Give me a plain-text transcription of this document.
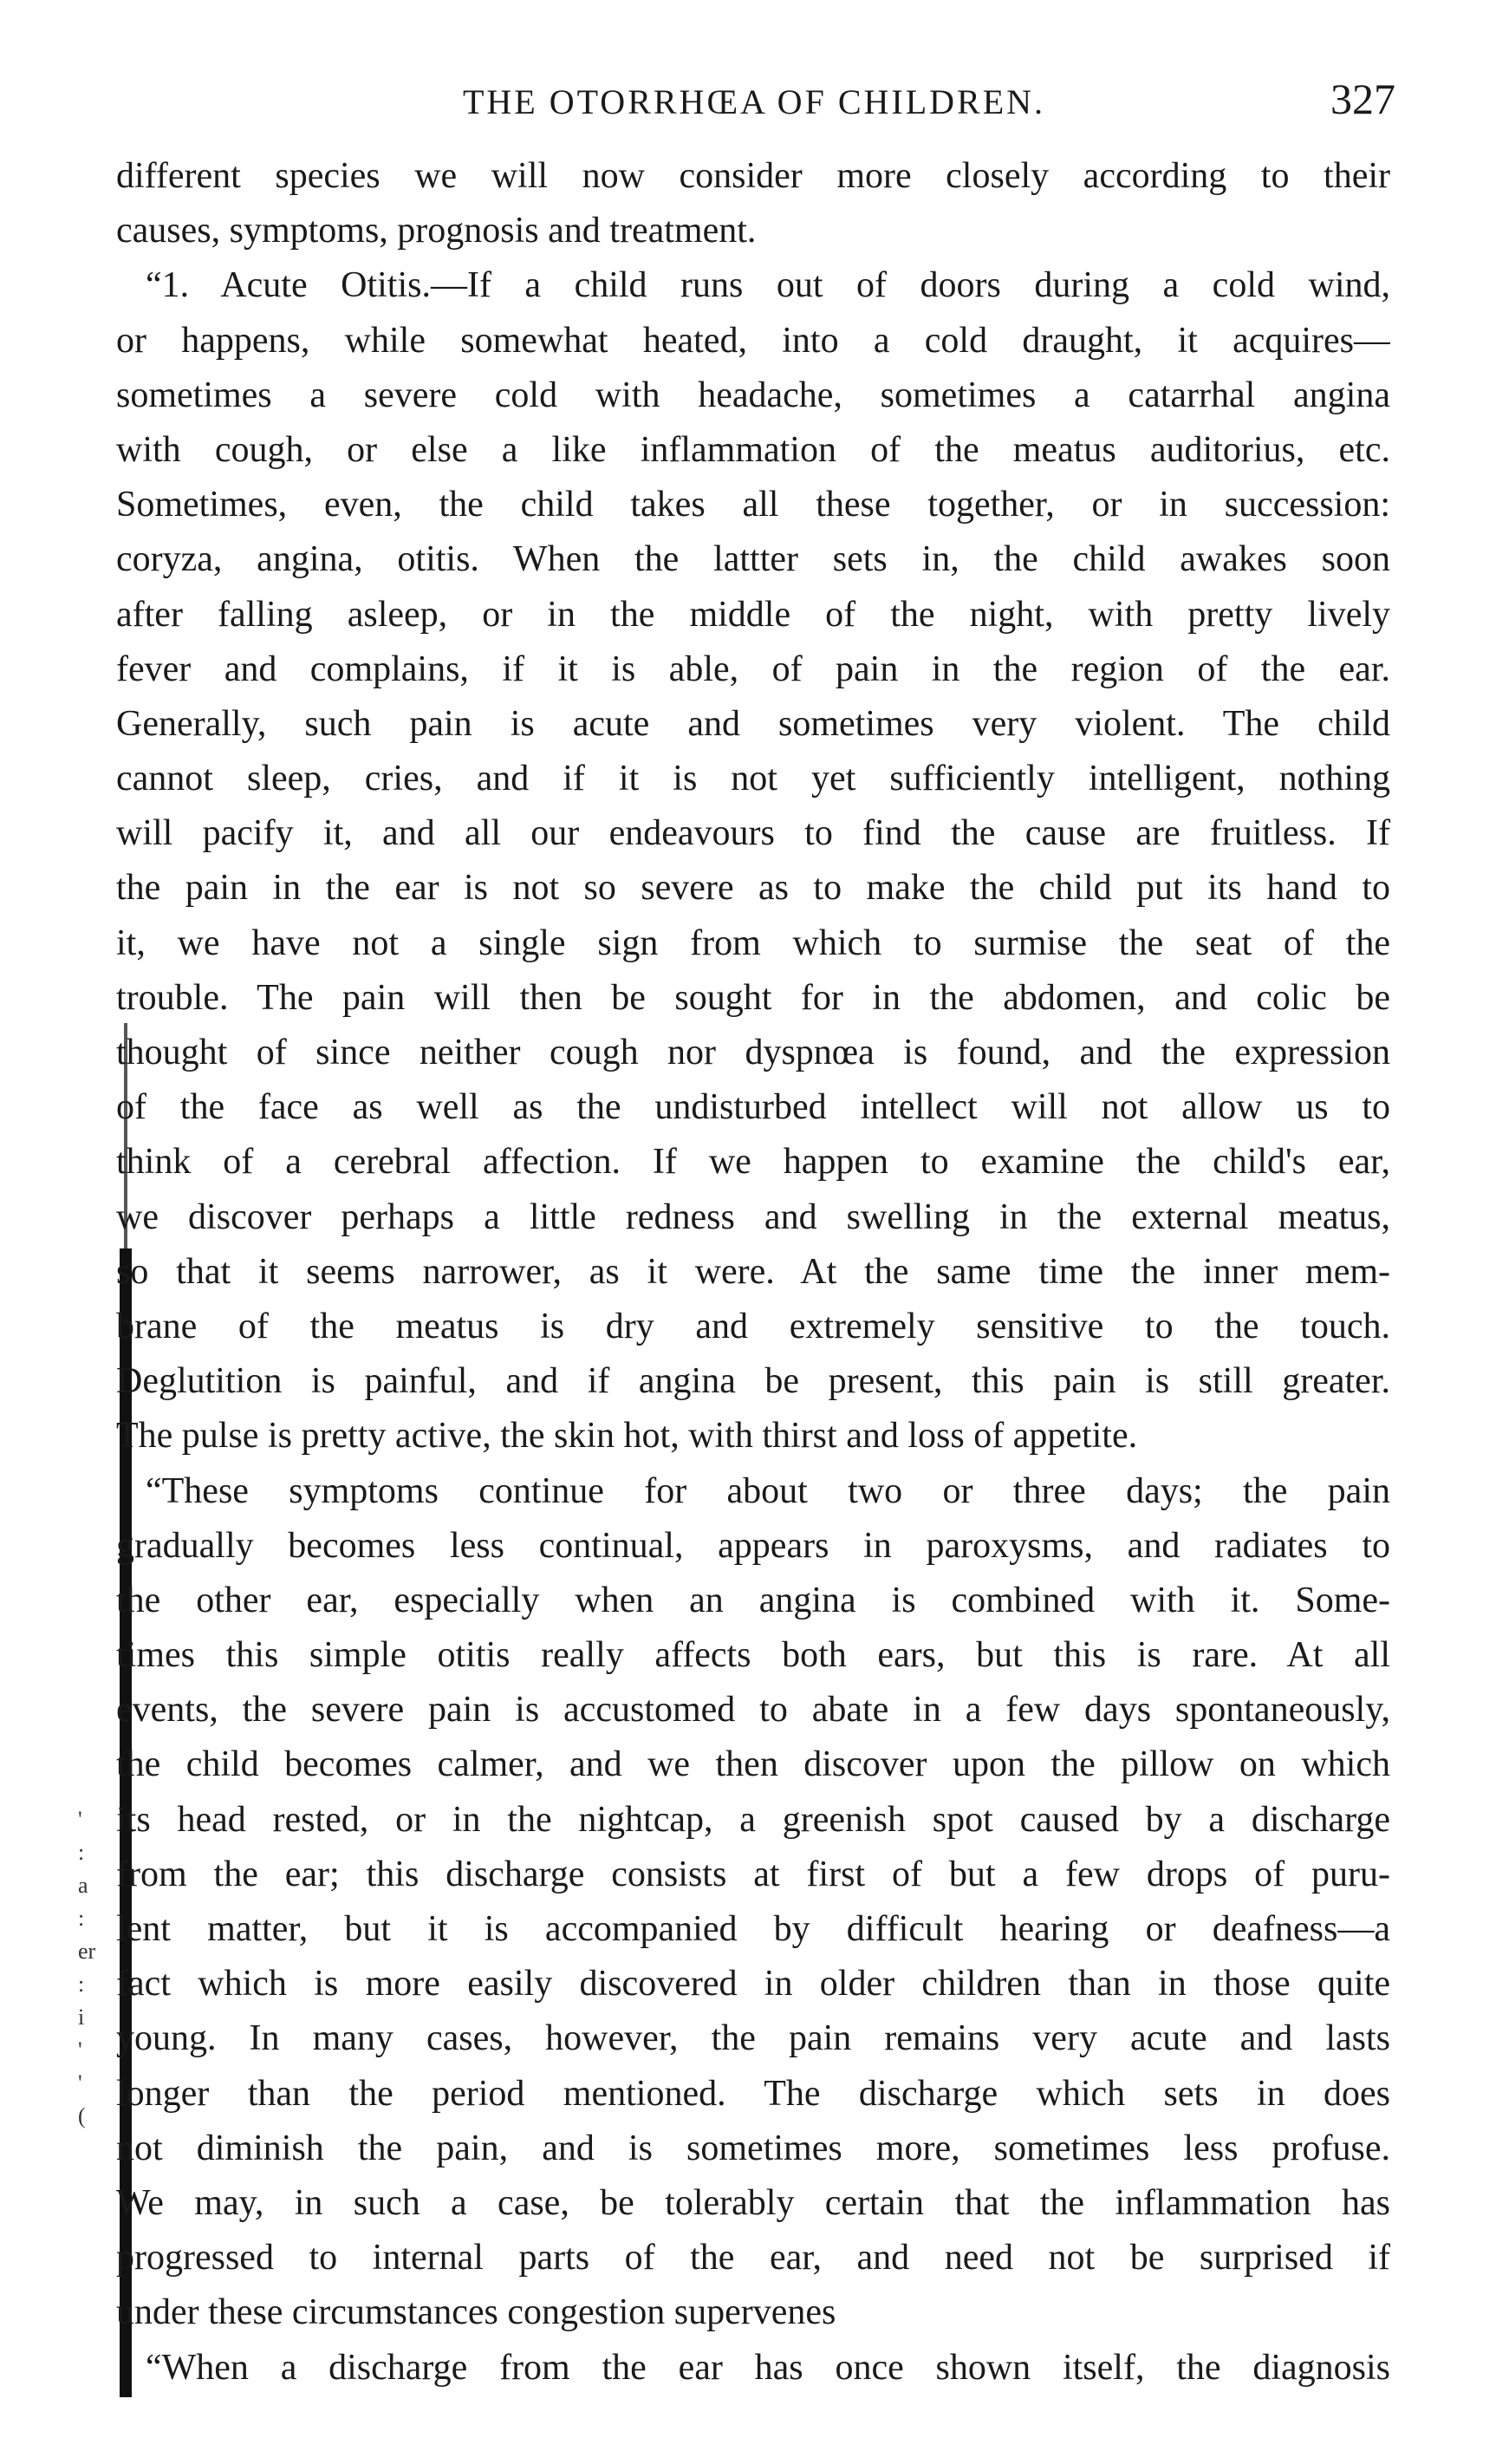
THE OTORRHŒA OF CHILDREN.	327
'
:
a
:
er
:
i
'
'
(
different species we will now consider more closely according to their
causes, symptoms, prognosis and treatment.
“1. Acute Otitis.—If a child runs out of doors during a cold wind,
or happens, while somewhat heated, into a cold draught, it acquires—
sometimes a severe cold with headache, sometimes a catarrhal angina
with cough, or else a like inflammation of the meatus auditorius, etc.
Sometimes, even, the child takes all these together, or in succession:
coryza, angina, otitis. When the lattter sets in, the child awakes soon
after falling asleep, or in the middle of the night, with pretty lively
fever and complains, if it is able, of pain in the region of the ear.
Generally, such pain is acute and sometimes very violent. The child
cannot sleep, cries, and if it is not yet sufficiently intelligent, nothing
will pacify it, and all our endeavours to find the cause are fruitless. If
the pain in the ear is not so severe as to make the child put its hand to
it, we have not a single sign from which to surmise the seat of the
trouble. The pain will then be sought for in the abdomen, and colic be
thought of since neither cough nor dyspnœa is found, and the expression
of the face as well as the undisturbed intellect will not allow us to
think of a cerebral affection. If we happen to examine the child's ear,
we discover perhaps a little redness and swelling in the external meatus,
so that it seems narrower, as it were. At the same time the inner mem-
brane of the meatus is dry and extremely sensitive to the touch.
Deglutition is painful, and if angina be present, this pain is still greater.
The pulse is pretty active, the skin hot, with thirst and loss of appetite.
“These symptoms continue for about two or three days; the pain
gradually becomes less continual, appears in paroxysms, and radiates to
the other ear, especially when an angina is combined with it. Some-
times this simple otitis really affects both ears, but this is rare. At all
events, the severe pain is accustomed to abate in a few days spontaneously,
the child becomes calmer, and we then discover upon the pillow on which
its head rested, or in the nightcap, a greenish spot caused by a discharge
from the ear; this discharge consists at first of but a few drops of puru-
lent matter, but it is accompanied by difficult hearing or deafness—a
fact which is more easily discovered in older children than in those quite
young. In many cases, however, the pain remains very acute and lasts
longer than the period mentioned. The discharge which sets in does
not diminish the pain, and is sometimes more, sometimes less profuse.
We may, in such a case, be tolerably certain that the inflammation has
progressed to internal parts of the ear, and need not be surprised if
under these circumstances congestion supervenes
“When a discharge from the ear has once shown itself, the diagnosis
